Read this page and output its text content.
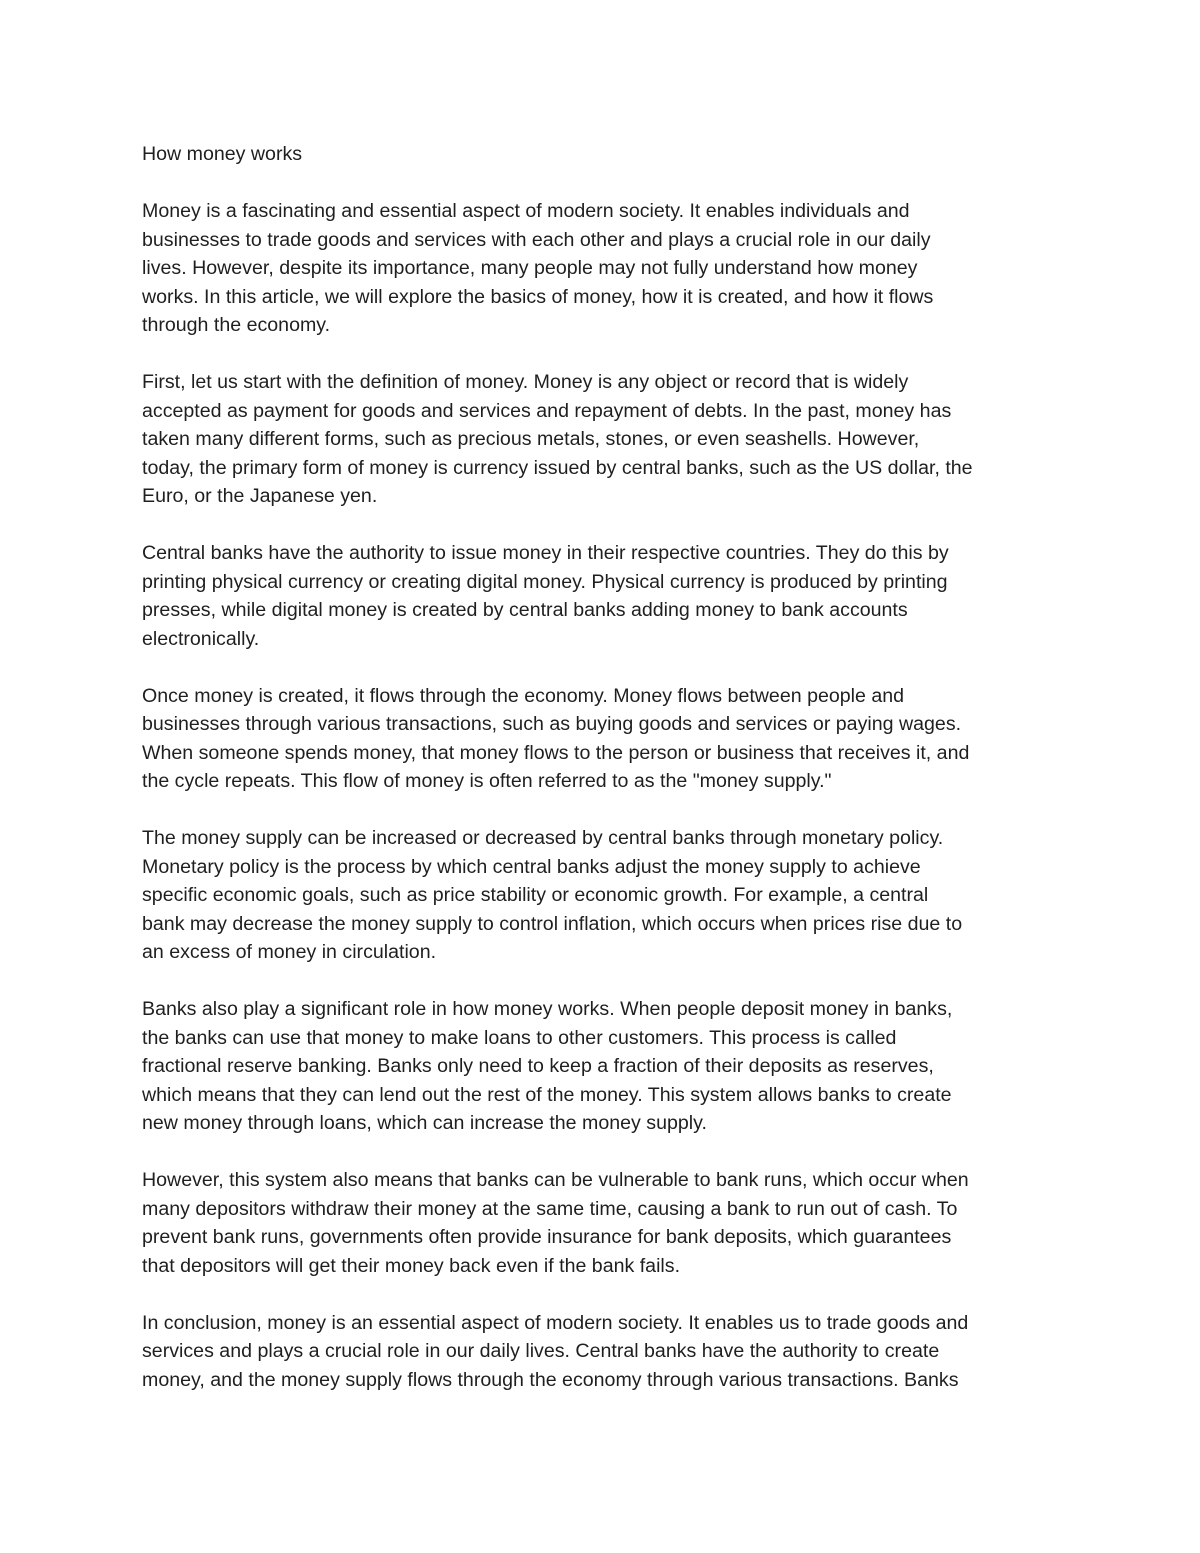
How money works
Money is a fascinating and essential aspect of modern society. It enables individuals and
businesses to trade goods and services with each other and plays a crucial role in our daily
lives. However, despite its importance, many people may not fully understand how money
works. In this article, we will explore the basics of money, how it is created, and how it flows
through the economy.
First, let us start with the definition of money. Money is any object or record that is widely
accepted as payment for goods and services and repayment of debts. In the past, money has
taken many different forms, such as precious metals, stones, or even seashells. However,
today, the primary form of money is currency issued by central banks, such as the US dollar, the
Euro, or the Japanese yen.
Central banks have the authority to issue money in their respective countries. They do this by
printing physical currency or creating digital money. Physical currency is produced by printing
presses, while digital money is created by central banks adding money to bank accounts
electronically.
Once money is created, it flows through the economy. Money flows between people and
businesses through various transactions, such as buying goods and services or paying wages.
When someone spends money, that money flows to the person or business that receives it, and
the cycle repeats. This flow of money is often referred to as the "money supply."
The money supply can be increased or decreased by central banks through monetary policy.
Monetary policy is the process by which central banks adjust the money supply to achieve
specific economic goals, such as price stability or economic growth. For example, a central
bank may decrease the money supply to control inflation, which occurs when prices rise due to
an excess of money in circulation.
Banks also play a significant role in how money works. When people deposit money in banks,
the banks can use that money to make loans to other customers. This process is called
fractional reserve banking. Banks only need to keep a fraction of their deposits as reserves,
which means that they can lend out the rest of the money. This system allows banks to create
new money through loans, which can increase the money supply.
However, this system also means that banks can be vulnerable to bank runs, which occur when
many depositors withdraw their money at the same time, causing a bank to run out of cash. To
prevent bank runs, governments often provide insurance for bank deposits, which guarantees
that depositors will get their money back even if the bank fails.
In conclusion, money is an essential aspect of modern society. It enables us to trade goods and
services and plays a crucial role in our daily lives. Central banks have the authority to create
money, and the money supply flows through the economy through various transactions. Banks
